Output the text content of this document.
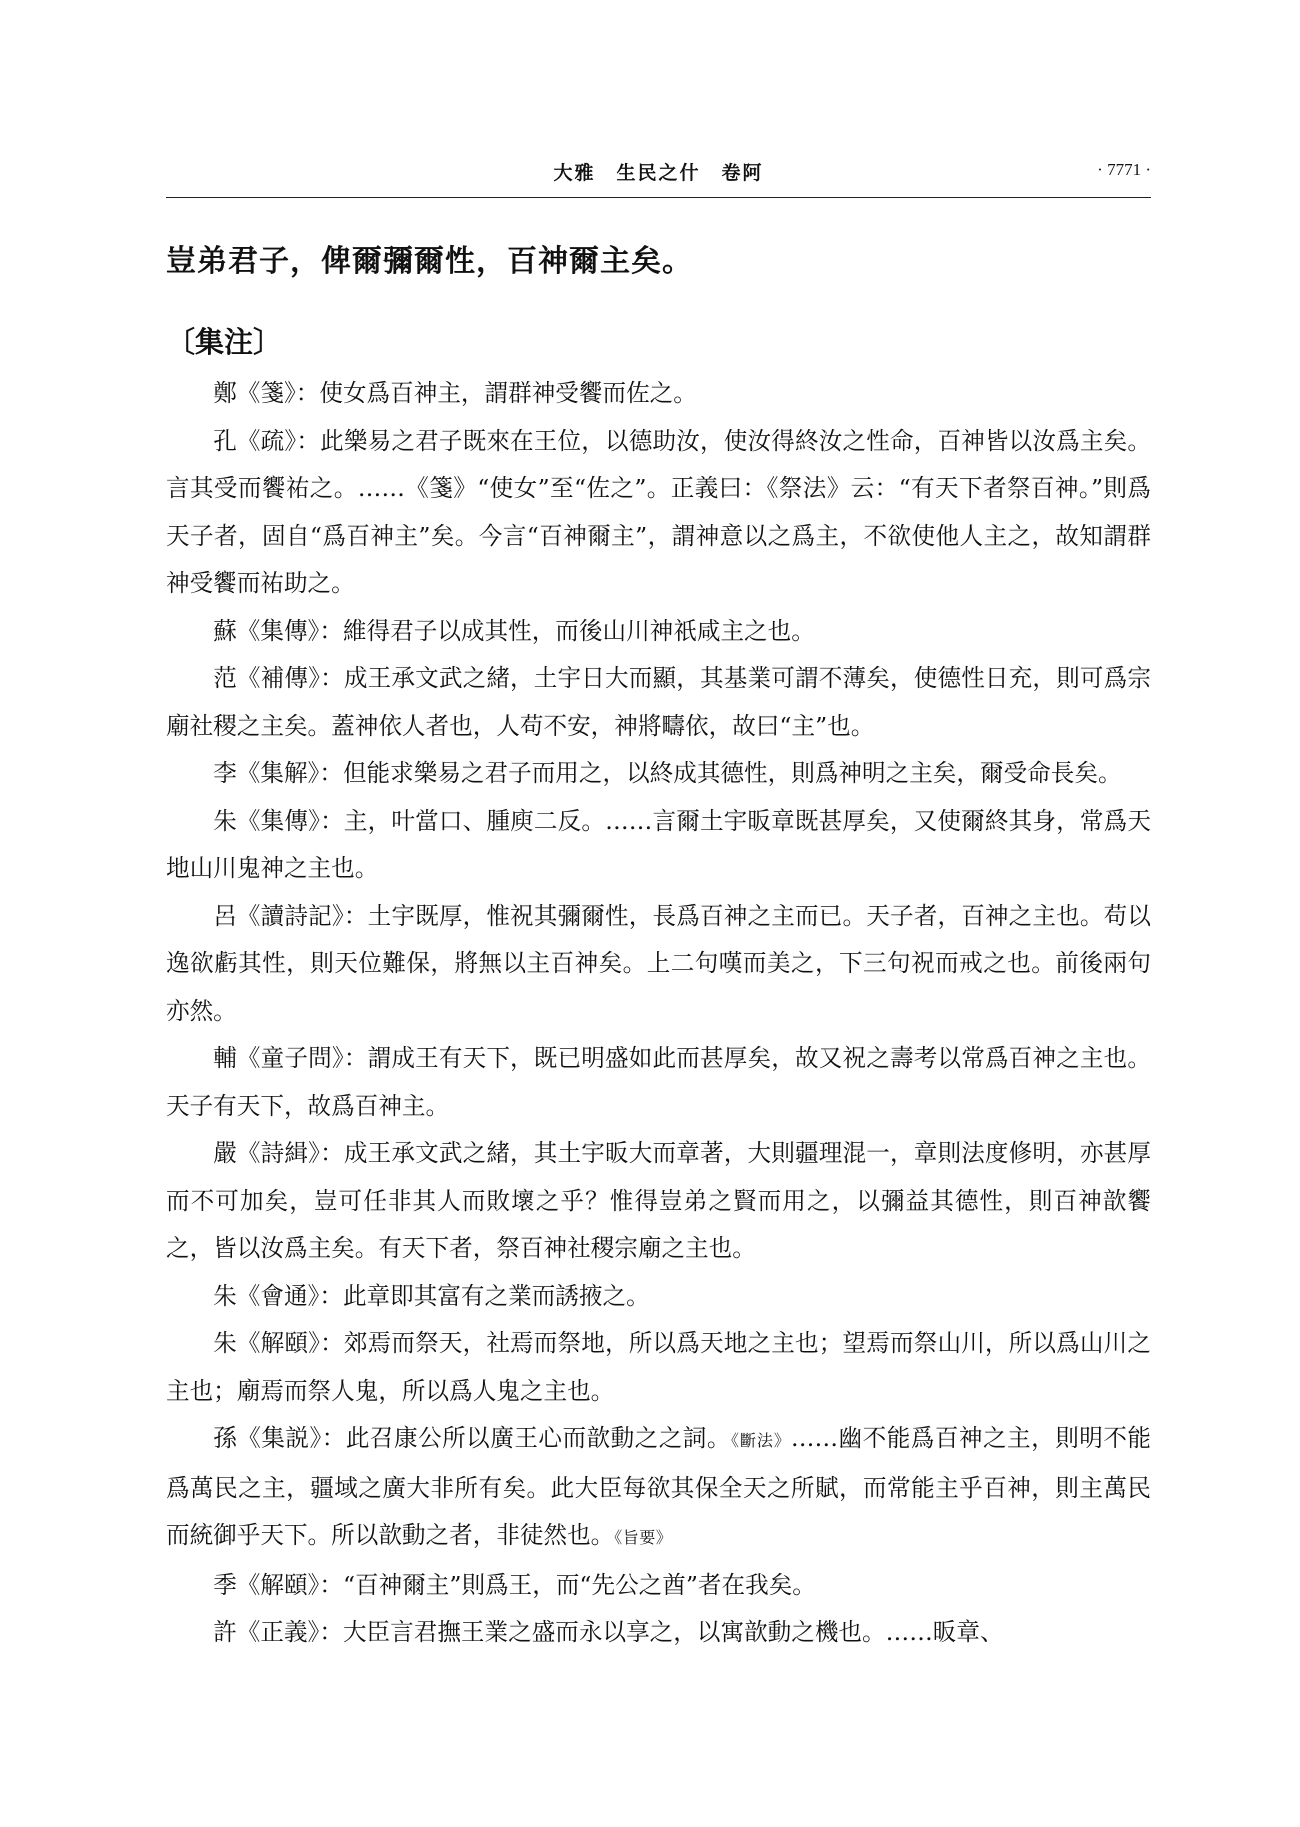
大雅　生民之什　卷阿	· 7771 ·
豈弟君子，俾爾彌爾性，百神爾主矣。
〔集注〕

鄭《箋》：使女爲百神主，謂群神受饗而佐之。

孔《疏》：此樂易之君子既來在王位，以德助汝，使汝得終汝之性命，百神皆以汝爲主矣。言其受而饗祐之。……《箋》“使女”至“佐之”。正義曰：《祭法》云：“有天下者祭百神。”則爲天子者，固自“爲百神主”矣。今言“百神爾主”，謂神意以之爲主，不欲使他人主之，故知謂群神受饗而祐助之。

蘇《集傳》：維得君子以成其性，而後山川神祇咸主之也。

范《補傳》：成王承文武之緒，土宇日大而顯，其基業可謂不薄矣，使德性日充，則可爲宗廟社稷之主矣。蓋神依人者也，人苟不安，神將疇依，故曰“主”也。

李《集解》：但能求樂易之君子而用之，以終成其德性，則爲神明之主矣，爾受命長矣。

朱《集傳》：主，叶當口、腫庾二反。……言爾土宇昄章既甚厚矣，又使爾終其身，常爲天地山川鬼神之主也。

呂《讀詩記》：土宇既厚，惟祝其彌爾性，長爲百神之主而已。天子者，百神之主也。苟以逸欲虧其性，則天位難保，將無以主百神矣。上二句嘆而美之，下三句祝而戒之也。前後兩句亦然。

輔《童子問》：謂成王有天下，既已明盛如此而甚厚矣，故又祝之壽考以常爲百神之主也。天子有天下，故爲百神主。

嚴《詩緝》：成王承文武之緒，其土宇昄大而章著，大則疆理混一，章則法度修明，亦甚厚而不可加矣，豈可任非其人而敗壞之乎？惟得豈弟之賢而用之，以彌益其德性，則百神歆饗之，皆以汝爲主矣。有天下者，祭百神社稷宗廟之主也。

朱《會通》：此章即其富有之業而誘掖之。

朱《解頤》：郊焉而祭天，社焉而祭地，所以爲天地之主也；望焉而祭山川，所以爲山川之主也；廟焉而祭人鬼，所以爲人鬼之主也。

孫《集説》：此召康公所以廣王心而歆動之之詞。《斷法》……幽不能爲百神之主，則明不能爲萬民之主，疆域之廣大非所有矣。此大臣每欲其保全天之所賦，而常能主乎百神，則主萬民而統御乎天下。所以歆動之者，非徒然也。《旨要》

季《解頤》：“百神爾主”則爲王，而“先公之酋”者在我矣。

許《正義》：大臣言君撫王業之盛而永以享之，以寓歆動之機也。……昄章、
